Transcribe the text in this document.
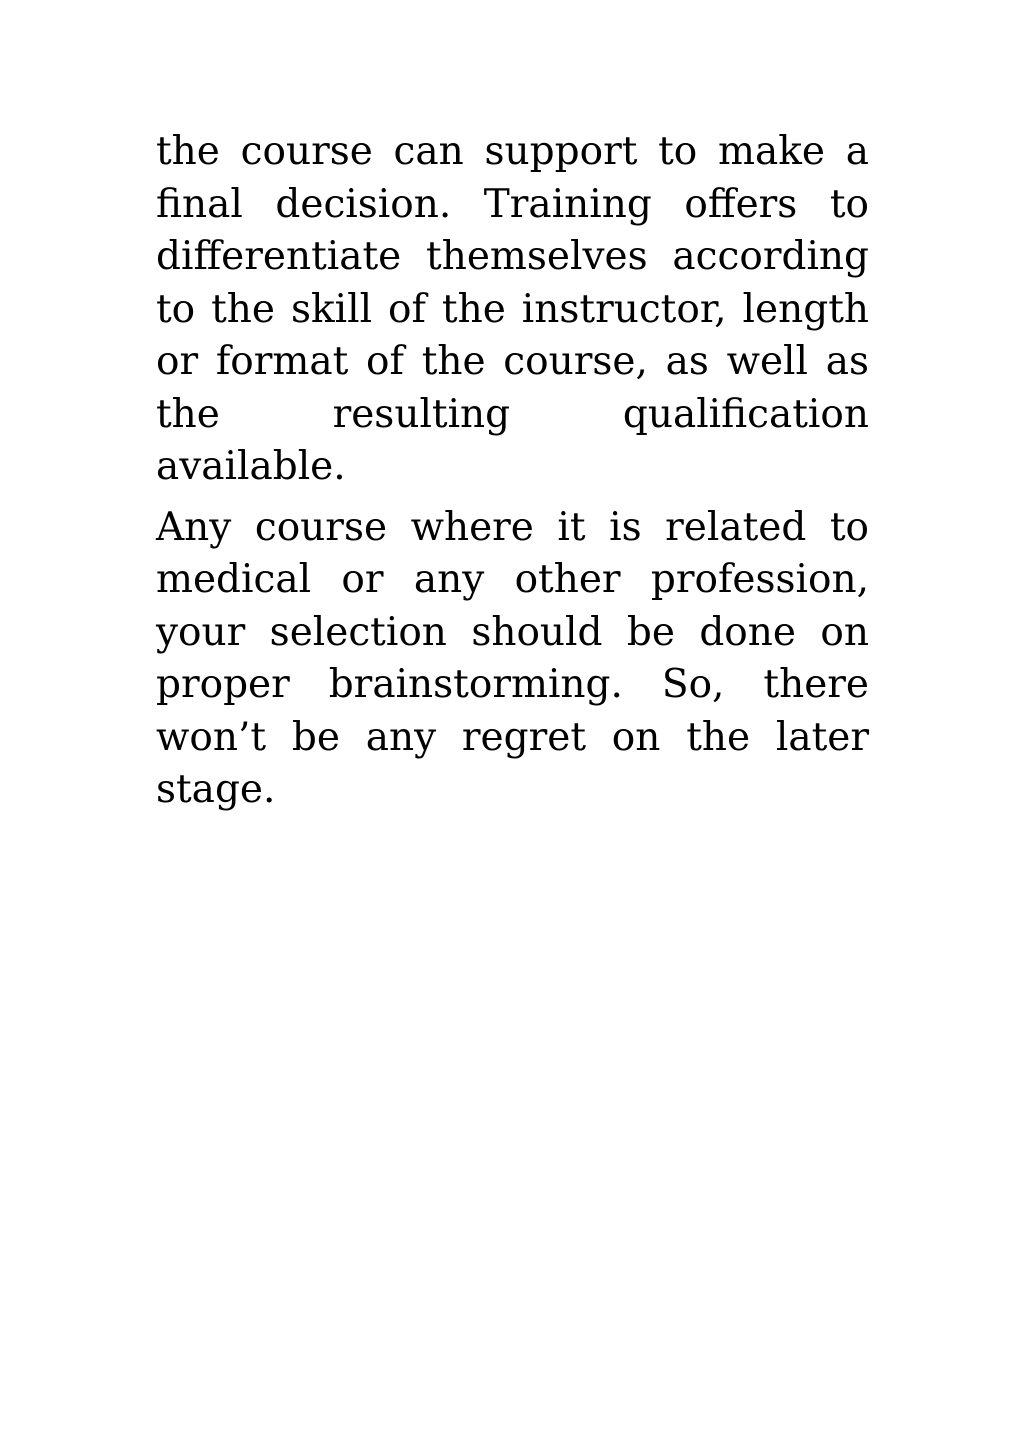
the course can support to make a final decision. Training offers to differentiate themselves according to the skill of the instructor, length or format of the course, as well as the resulting qualification available.

Any course where it is related to medical or any other profession, your selection should be done on proper brainstorming. So, there won’t be any regret on the later stage.
